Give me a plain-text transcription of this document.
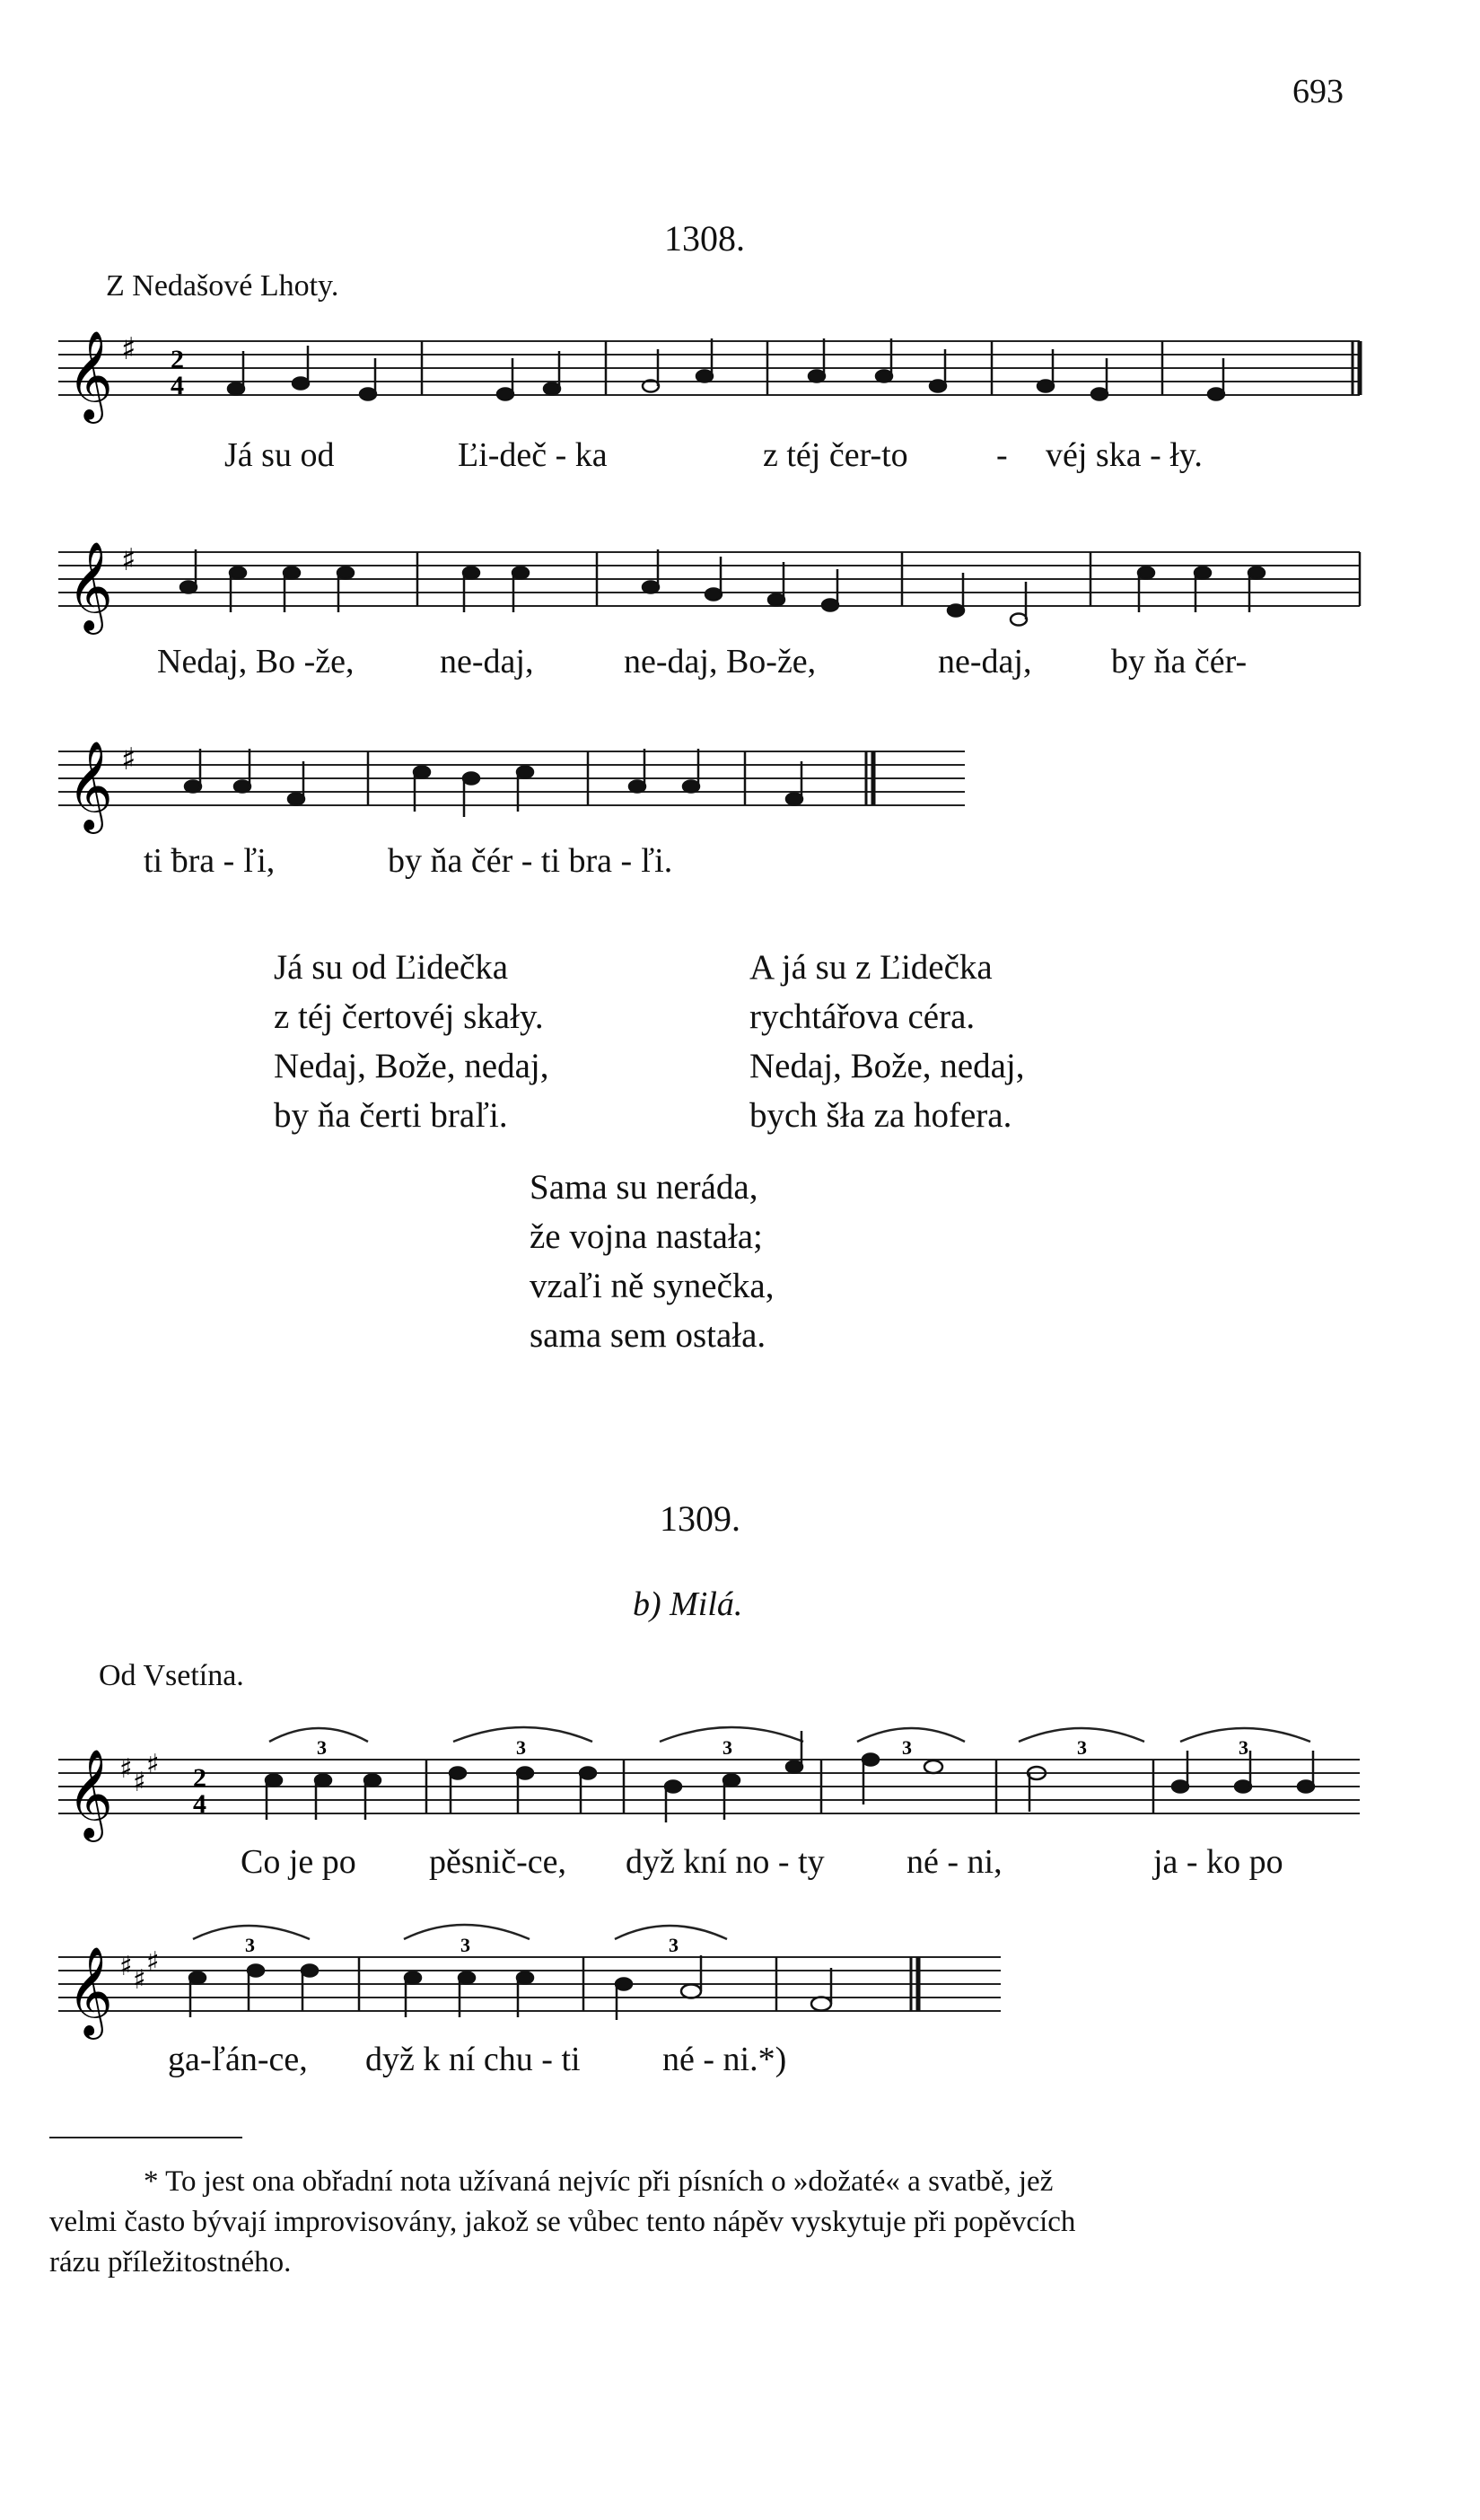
693
1308.
Z Nedašové Lhoty.
𝄞 ♯ 2
4
Já su od	Ľi-deč - ka	z téj čer-to	- véj ska - ły.
𝄞 ♯
Nedaj, Bo -že,	ne-daj,	ne-daj, Bo-že,	ne-daj, by ňa čér-
𝄞 ♯
ti ƀra - ľi,	by ňa čér - ti bra - ľi.
Já su od Ľidečka
z téj čertovéj skały.
Nedaj, Bože, nedaj,
by ňa čerti braľi.
A já su z Ľidečka
rychtářova céra.
Nedaj, Bože, nedaj,
bych šła za hofera.
Sama su neráda,
že vojna nastała;
vzaľi ně synečka,
sama sem ostała.
1309.
b) Milá.
Od Vsetína.
3	3	3	3	3	3
𝄞 ♯ ♯
♯ 2
4
Co je po pěsnič-ce, dyž kní no - ty né - ni,	ja - ko po
3	3	3
𝄞 ♯ ♯
♯
ga-ľán-ce, dyž k ní chu - ti né - ni.*)
* To jest ona obřadní nota užívaná nejvíc při písních o »dožaté« a svatbě, jež
velmi často bývají improvisovány, jakož se vůbec tento nápěv vyskytuje při popěvcích
rázu příležitostného.
